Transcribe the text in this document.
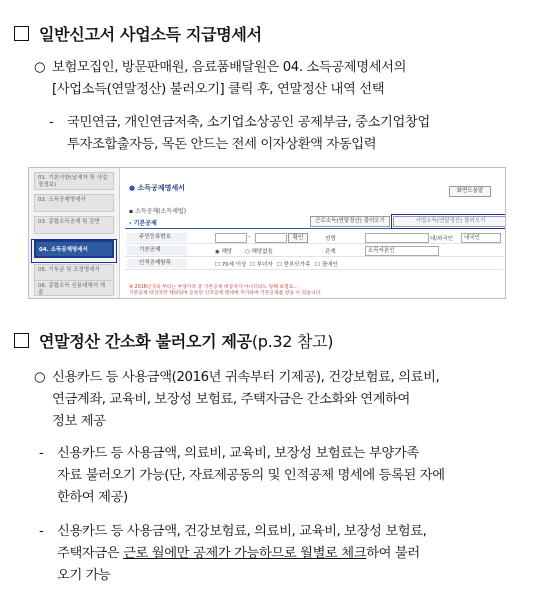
일반신고서 사업소득 지급명세서
○ 보험모집인, 방문판매원, 음료품배달원은 04. 소득공제명세서의
[사업소득(연말정산) 불러오기] 클릭 후, 연말정산 내역 선택
- 국민연금, 개인연금저축, 소기업소상공인 공제부금, 중소기업창업
투자조합출자등, 목돈 안드는 전세 이자상환액 자동입력
01. 기본사항(납세자 및 사업장정보)
02. 소득공제명세서
03. 종합소득공제 및 감면
04. 소득공제명세서
05. 기부금 및 조정명세서
06. 종합소득 신용대체서 제출
● 소득공제명세서	화면도움말
▪ 소득공제(소득세법)
› 기본공제	근로소득(연말정산) 불러오기	사업소득(연말정산) 불러오기
주민등록번호	-	확인	성명	내/외국인	내국인
기본공제	◉ 해당 ○ 해당없음	관계	소득자본인
인적공제항목	☐ 70세 이상 ☐ 부녀자 ☐ 한부모가족 ☐ 장애인
※ 2016년귀속 부터는 부양가족 중 기본공제 대상자가 아니더라도 당해 보험료...
기본공제 대상자만 해당되며 등록된 인적공제 명세에 추가하여 기본공제를 받을 수 있습니다.
연말정산 간소화 불러오기 제공(p.32 참고)
○ 신용카드 등 사용금액(2016년 귀속부터 기제공), 건강보험료, 의료비,
연금계좌, 교육비, 보장성 보험료, 주택자금은 간소화와 연계하여
정보 제공
- 신용카드 등 사용금액, 의료비, 교육비, 보장성 보험료는 부양가족
자료 불러오기 가능(단, 자료제공동의 및 인적공제 명세에 등록된 자에
한하여 제공)
- 신용카드 등 사용금액, 건강보험료, 의료비, 교육비, 보장성 보험료,
주택자금은 근로 월에만 공제가 가능하므로 월별로 체크하여 불러
오기 가능
